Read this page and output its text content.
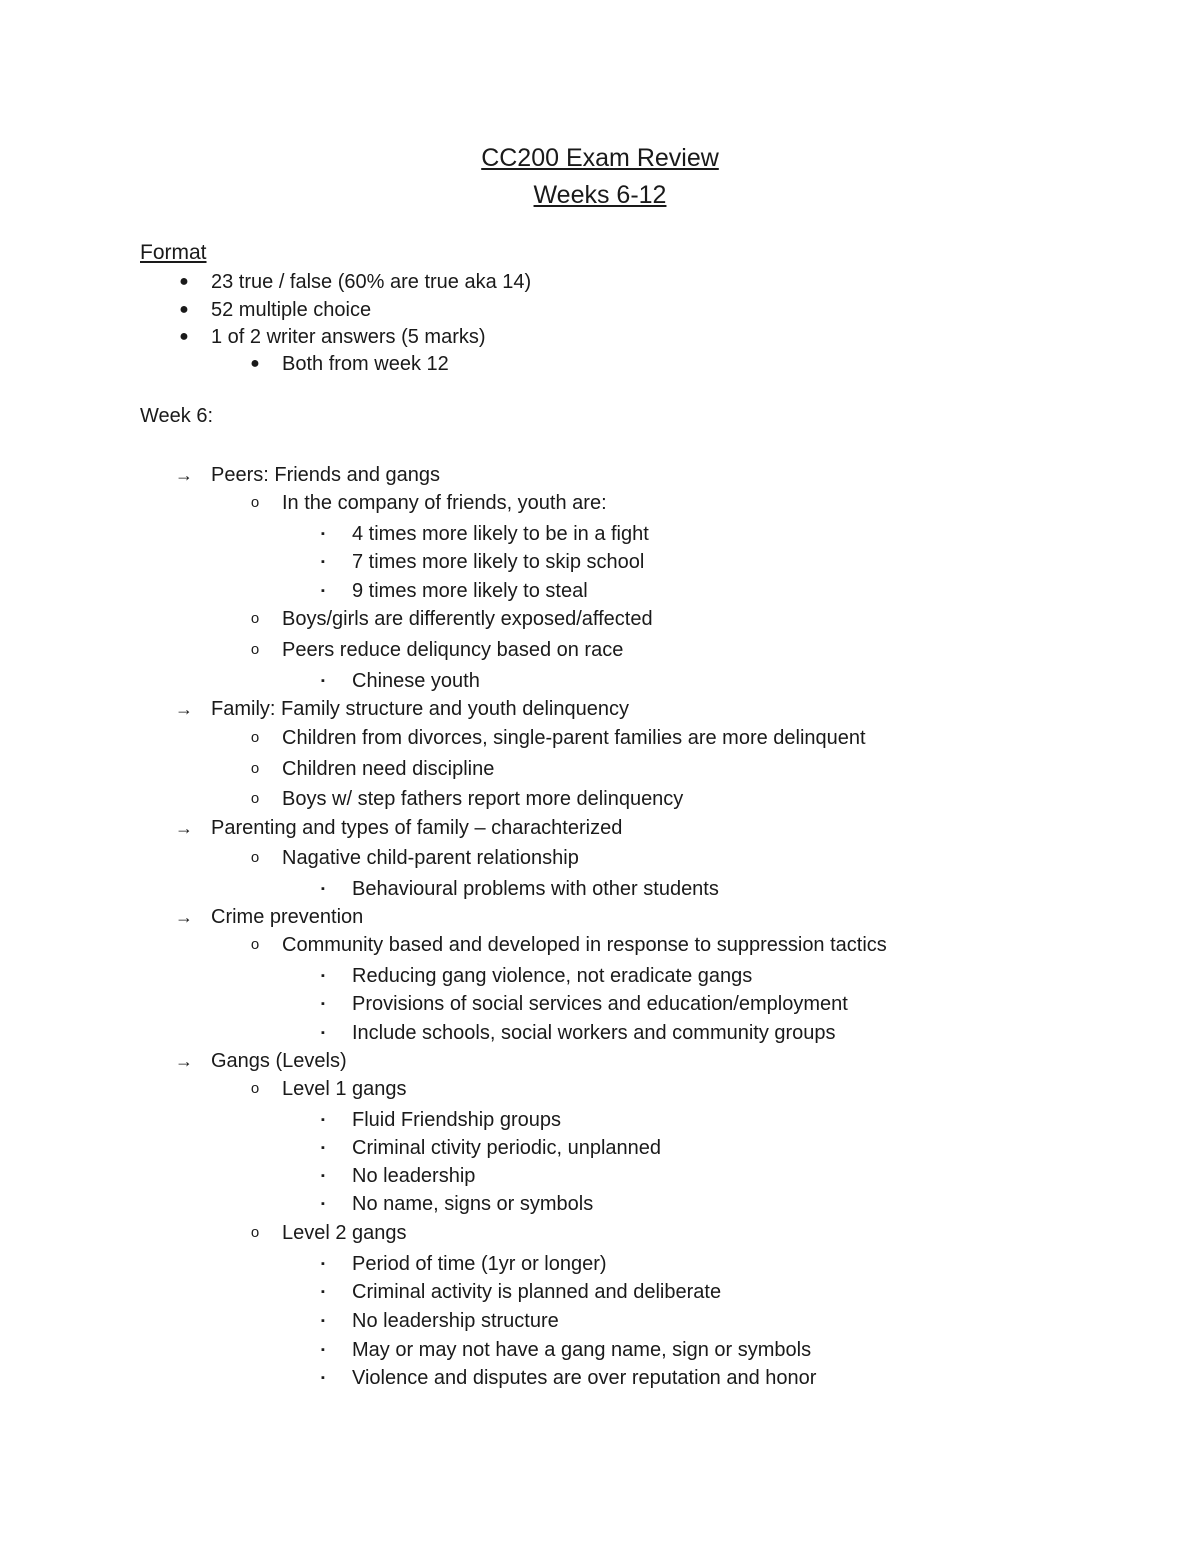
CC200 Exam Review
Weeks 6-12
Format
● 23 true / false (60% are true aka 14)
● 52 multiple choice
● 1 of 2 writer answers (5 marks)
● Both from week 12
Week 6:
→ Peers: Friends and gangs
o In the company of friends, youth are:
▪	4 times more likely to be in a fight
▪	7 times more likely to skip school
▪	9 times more likely to steal
o Boys/girls are differently exposed/affected
o Peers reduce deliquncy based on race
▪	Chinese youth
→ Family: Family structure and youth delinquency
o Children from divorces, single-parent families are more delinquent
o Children need discipline
o Boys w/ step fathers report more delinquency
→ Parenting and types of family – charachterized
o Nagative child-parent relationship
▪	Behavioural problems with other students
→ Crime prevention
o Community based and developed in response to suppression tactics
▪	Reducing gang violence, not eradicate gangs
▪	Provisions of social services and education/employment
▪	Include schools, social workers and community groups
→ Gangs (Levels)
o Level 1 gangs
▪	Fluid Friendship groups
▪	Criminal ctivity periodic, unplanned
▪	No leadership
▪	No name, signs or symbols
o Level 2 gangs
▪	Period of time (1yr or longer)
▪	Criminal activity is planned and deliberate
▪	No leadership structure
▪	May or may not have a gang name, sign or symbols
▪	Violence and disputes are over reputation and honor
